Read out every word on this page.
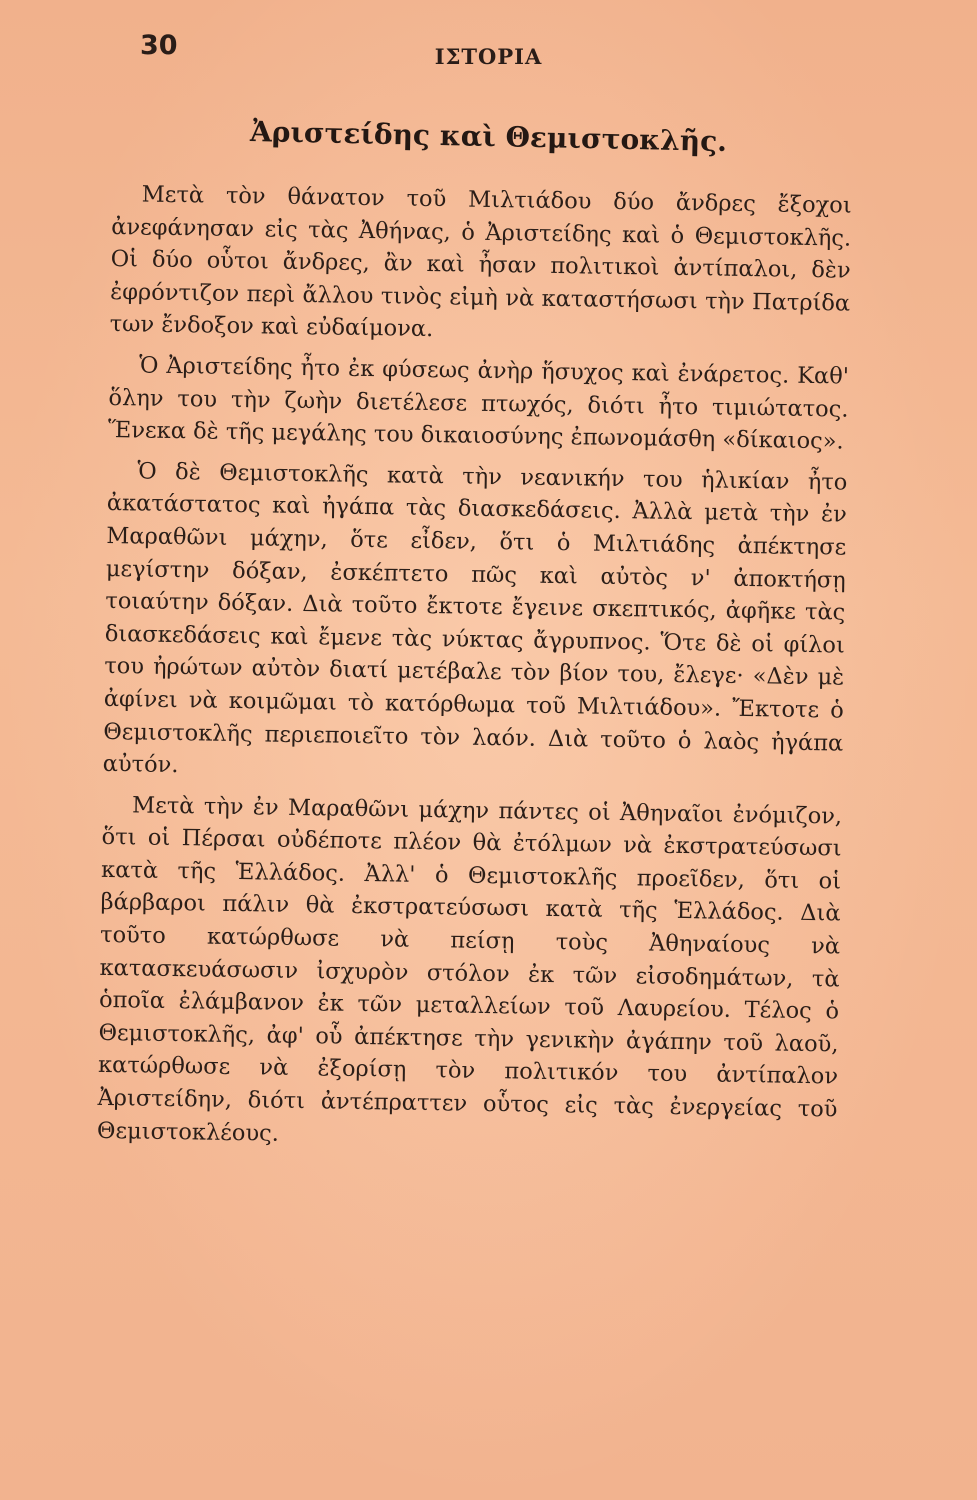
30	ΙΣΤΟΡΙΑ
Ἀριστείδης καὶ Θεμιστοκλῆς.

Μετὰ τὸν θάνατον τοῦ Μιλτιάδου δύο ἄνδρες ἔξοχοι ἀνεφάνησαν εἰς τὰς Ἀθήνας, ὁ Ἀριστείδης καὶ ὁ Θεμιστοκλῆς. Οἱ δύο οὗτοι ἄνδρες, ἂν καὶ ἦσαν πολιτικοὶ ἀντίπαλοι, δὲν ἐφρόντιζον περὶ ἄλλου τινὸς εἰμὴ νὰ καταστήσωσι τὴν Πατρίδα των ἔνδοξον καὶ εὐδαίμονα.

Ὁ Ἀριστείδης ἦτο ἐκ φύσεως ἀνὴρ ἥσυχος καὶ ἐνάρετος. Καθ' ὅλην του τὴν ζωὴν διετέλεσε πτωχός, διότι ἦτο τιμιώτατος. Ἕνεκα δὲ τῆς μεγάλης του δικαιοσύνης ἐπωνομάσθη «δίκαιος».

Ὁ δὲ Θεμιστοκλῆς κατὰ τὴν νεανικήν του ἡλικίαν ἦτο ἀκατάστατος καὶ ἠγάπα τὰς διασκεδάσεις. Ἀλλὰ μετὰ τὴν ἐν Μαραθῶνι μάχην, ὅτε εἶδεν, ὅτι ὁ Μιλτιάδης ἀπέκτησε μεγίστην δόξαν, ἐσκέπτετο πῶς καὶ αὐτὸς ν' ἀποκτήσῃ τοιαύτην δόξαν. Διὰ τοῦτο ἔκτοτε ἔγεινε σκεπτικός, ἀφῆκε τὰς διασκεδάσεις καὶ ἔμενε τὰς νύκτας ἄγρυπνος. Ὅτε δὲ οἱ φίλοι του ἠρώτων αὐτὸν διατί μετέβαλε τὸν βίον του, ἔλεγε· «Δὲν μὲ ἀφίνει νὰ κοιμῶμαι τὸ κατόρθωμα τοῦ Μιλτιάδου». Ἔκτοτε ὁ Θεμιστοκλῆς περιεποιεῖτο τὸν λαόν. Διὰ τοῦτο ὁ λαὸς ἠγάπα αὐτόν.

Μετὰ τὴν ἐν Μαραθῶνι μάχην πάντες οἱ Ἀθηναῖοι ἐνόμιζον, ὅτι οἱ Πέρσαι οὐδέποτε πλέον θὰ ἐτόλμων νὰ ἐκστρατεύσωσι κατὰ τῆς Ἑλλάδος. Ἀλλ' ὁ Θεμιστοκλῆς προεῖδεν, ὅτι οἱ βάρβαροι πάλιν θὰ ἐκστρατεύσωσι κατὰ τῆς Ἑλλάδος. Διὰ τοῦτο κατώρθωσε νὰ πείσῃ τοὺς Ἀθηναίους νὰ κατασκευάσωσιν ἰσχυρὸν στόλον ἐκ τῶν εἰσοδημάτων, τὰ ὁποῖα ἐλάμβανον ἐκ τῶν μεταλλείων τοῦ Λαυρείου. Τέλος ὁ Θεμιστοκλῆς, ἀφ' οὗ ἀπέκτησε τὴν γενικὴν ἀγάπην τοῦ λαοῦ, κατώρθωσε νὰ ἐξορίσῃ τὸν πολιτικόν του ἀντίπαλον Ἀριστείδην, διότι ἀντέπραττεν οὗτος εἰς τὰς ἐνεργείας τοῦ Θεμιστοκλέους.
